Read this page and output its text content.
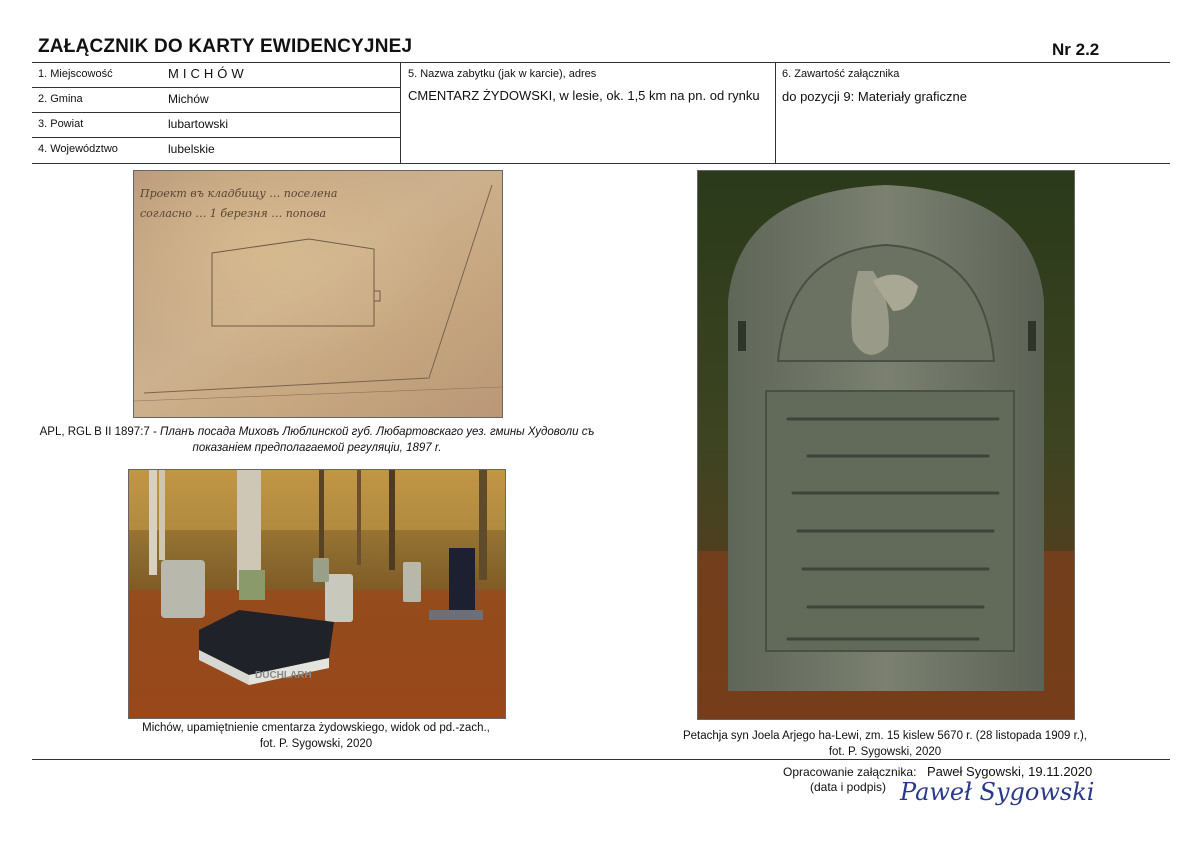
ZAŁĄCZNIK DO KARTY EWIDENCYJNEJ	Nr 2.2
1. Miejscowość	MICHÓW
2. Gmina	Michów
3. Powiat	lubartowski
4. Województwo	lubelskie
5. Nazwa zabytku (jak w karcie), adres
CMENTARZ ŻYDOWSKI, w lesie, ok. 1,5 km na pn. od rynku
6. Zawartość załącznika
do pozycji 9: Materiały graficzne
Проект въ кладбищу … поселена
согласно … 1 березня … попова
APL, RGL B II 1897:7 - Планъ посада Миховъ Люблинской губ. Любартовскаго уез. гмины Худоволи съ
показанiем предполагаемой регуляцiи, 1897 r.
DUCHLARH
Michów, upamiętnienie cmentarza żydowskiego, widok od pd.-zach.,
fot. P. Sygowski, 2020
Petachja syn Joela Arjego ha-Lewi, zm. 15 kislew 5670 r. (28 listopada 1909 r.),
fot. P. Sygowski, 2020
Opracowanie załącznika: Paweł Sygowski, 19.11.2020
(data i podpis) Paweł Sygowski
